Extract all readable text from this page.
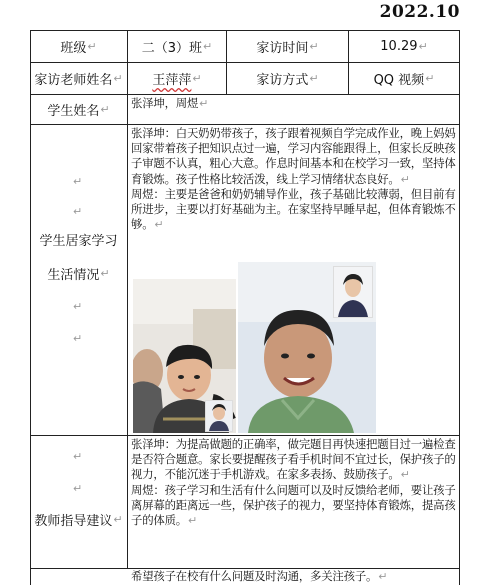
2022.10
班级 ↵	二（3）班 ↵	家访时间 ↵	10.29 ↵
家访老师姓名 ↵ 王萍萍 ↵	家访方式 ↵	QQ 视频 ↵
学生姓名 ↵ 张泽坤，周煜↵
↵
↵
学生居家学习
生活情况 ↵
↵
↵

张泽坤：白天奶奶带孩子，孩子跟着视频自学完成作业，晚上妈妈回家带着孩子把知识点过一遍，学习内容能跟得上，但家长反映孩子审题不认真，粗心大意。作息时间基本和在校学习一致，坚持体育锻炼。孩子性格比较活泼，线上学习情绪状态良好。↵

周煜：主要是爸爸和奶奶辅导作业，孩子基础比较薄弱，但目前有所进步，主要以打好基础为主。在家坚持早睡早起，但体育锻炼不够。↵

↵
↵
教师指导建议 ↵

张泽坤：为提高做题的正确率，做完题目再快速把题目过一遍检查是否符合题意。家长要提醒孩子看手机时间不宜过长，保护孩子的视力，不能沉迷于手机游戏。在家多表扬、鼓励孩子。↵

周煜：孩子学习和生活有什么问题可以及时反馈给老师，要让孩子离屏幕的距离远一些，保护孩子的视力，要坚持体育锻炼，提高孩子的体质。↵

希望孩子在校有什么问题及时沟通，多关注孩子。↵
